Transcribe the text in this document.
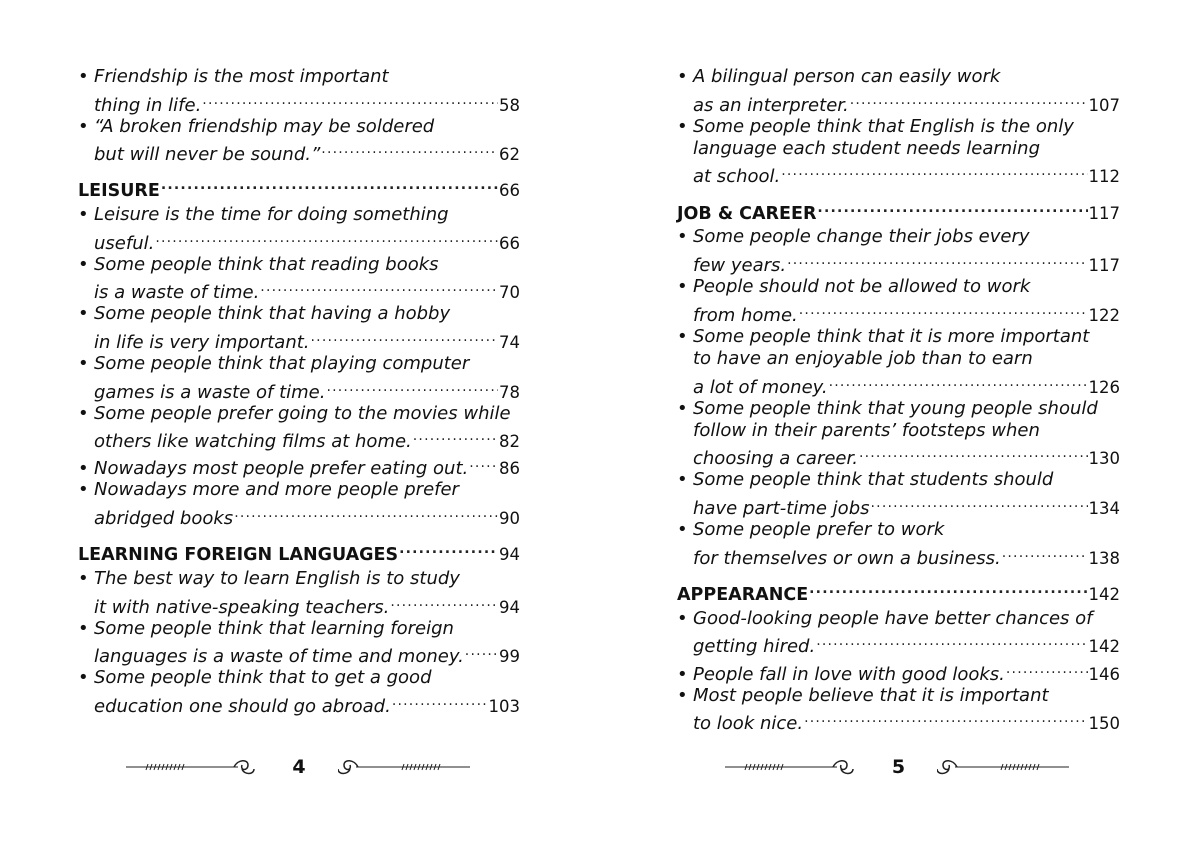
• Friendship is the most important
thing in life. .....	58
• “A broken friendship may be soldered
but will never be sound.” .....	62
LEISURE .....	66
• Leisure is the time for doing something
useful. .....	66
• Some people think that reading books
is a waste of time. .....	70
• Some people think that having a hobby
in life is very important. .....	74
• Some people think that playing computer
games is a waste of time. .....	78
• Some people prefer going to the movies while
others like watching films at home. .....	82
• Nowadays most people prefer eating out. ..... 86
• Nowadays more and more people prefer
abridged books .....	90
LEARNING FOREIGN LANGUAGES .....	94
• The best way to learn English is to study
it with native-speaking teachers. .....	94
• Some people think that learning foreign
languages is a waste of time and money. ..... 99
• Some people think that to get a good
education one should go abroad. .....	103
4
• A bilingual person can easily work
as an interpreter. .....	107
• Some people think that English is the only
language each student needs learning
at school. .....	112
JOB & CAREER .....	117
• Some people change their jobs every
few years. .....	117
• People should not be allowed to work
from home. .....	122
• Some people think that it is more important
to have an enjoyable job than to earn
a lot of money. .....	126
• Some people think that young people should
follow in their parents’ footsteps when
choosing a career. .....	130
• Some people think that students should
have part-time jobs .....	134
• Some people prefer to work
for themselves or own a business. .....	138
APPEARANCE .....	142
• Good-looking people have better chances of
getting hired. .....	142
• People fall in love with good looks. .....	146
• Most people believe that it is important
to look nice. .....	150
5
